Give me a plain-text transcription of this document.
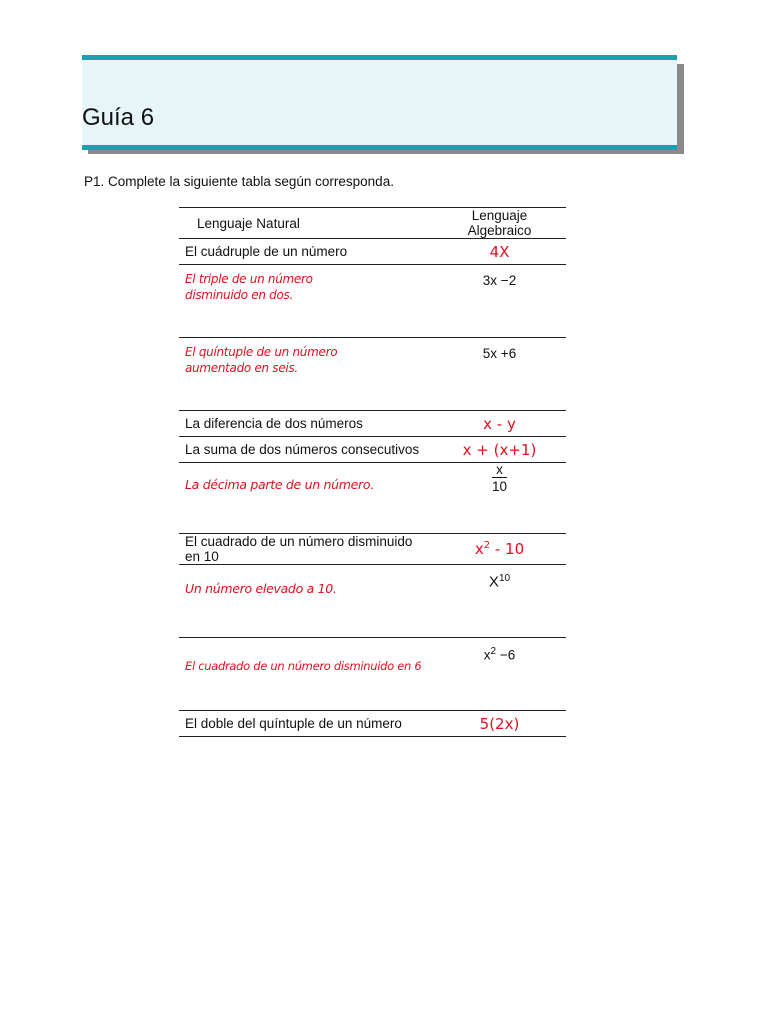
Guía 6
P1. Complete la siguiente tabla según corresponda.
Lenguaje Natural	Lenguaje Algebraico
El cuádruple de un número	4X

El triple de un número
disminuido en dos.	3x −2

El quíntuple de un número
aumentado en seis.	5x +6
La diferencia de dos números	x - y
La suma de dos números consecutivos	x + (x+1)

La décima parte de un número.	$\frac{x}{10}$

El cuadrado de un número disminuido en 10	$x^2 - 10$

Un número elevado a 10.	$X^{10}$

El cuadrado de un número disminuido en 6	$x^2 -6$
El doble del quíntuple de un número	5(2x)
